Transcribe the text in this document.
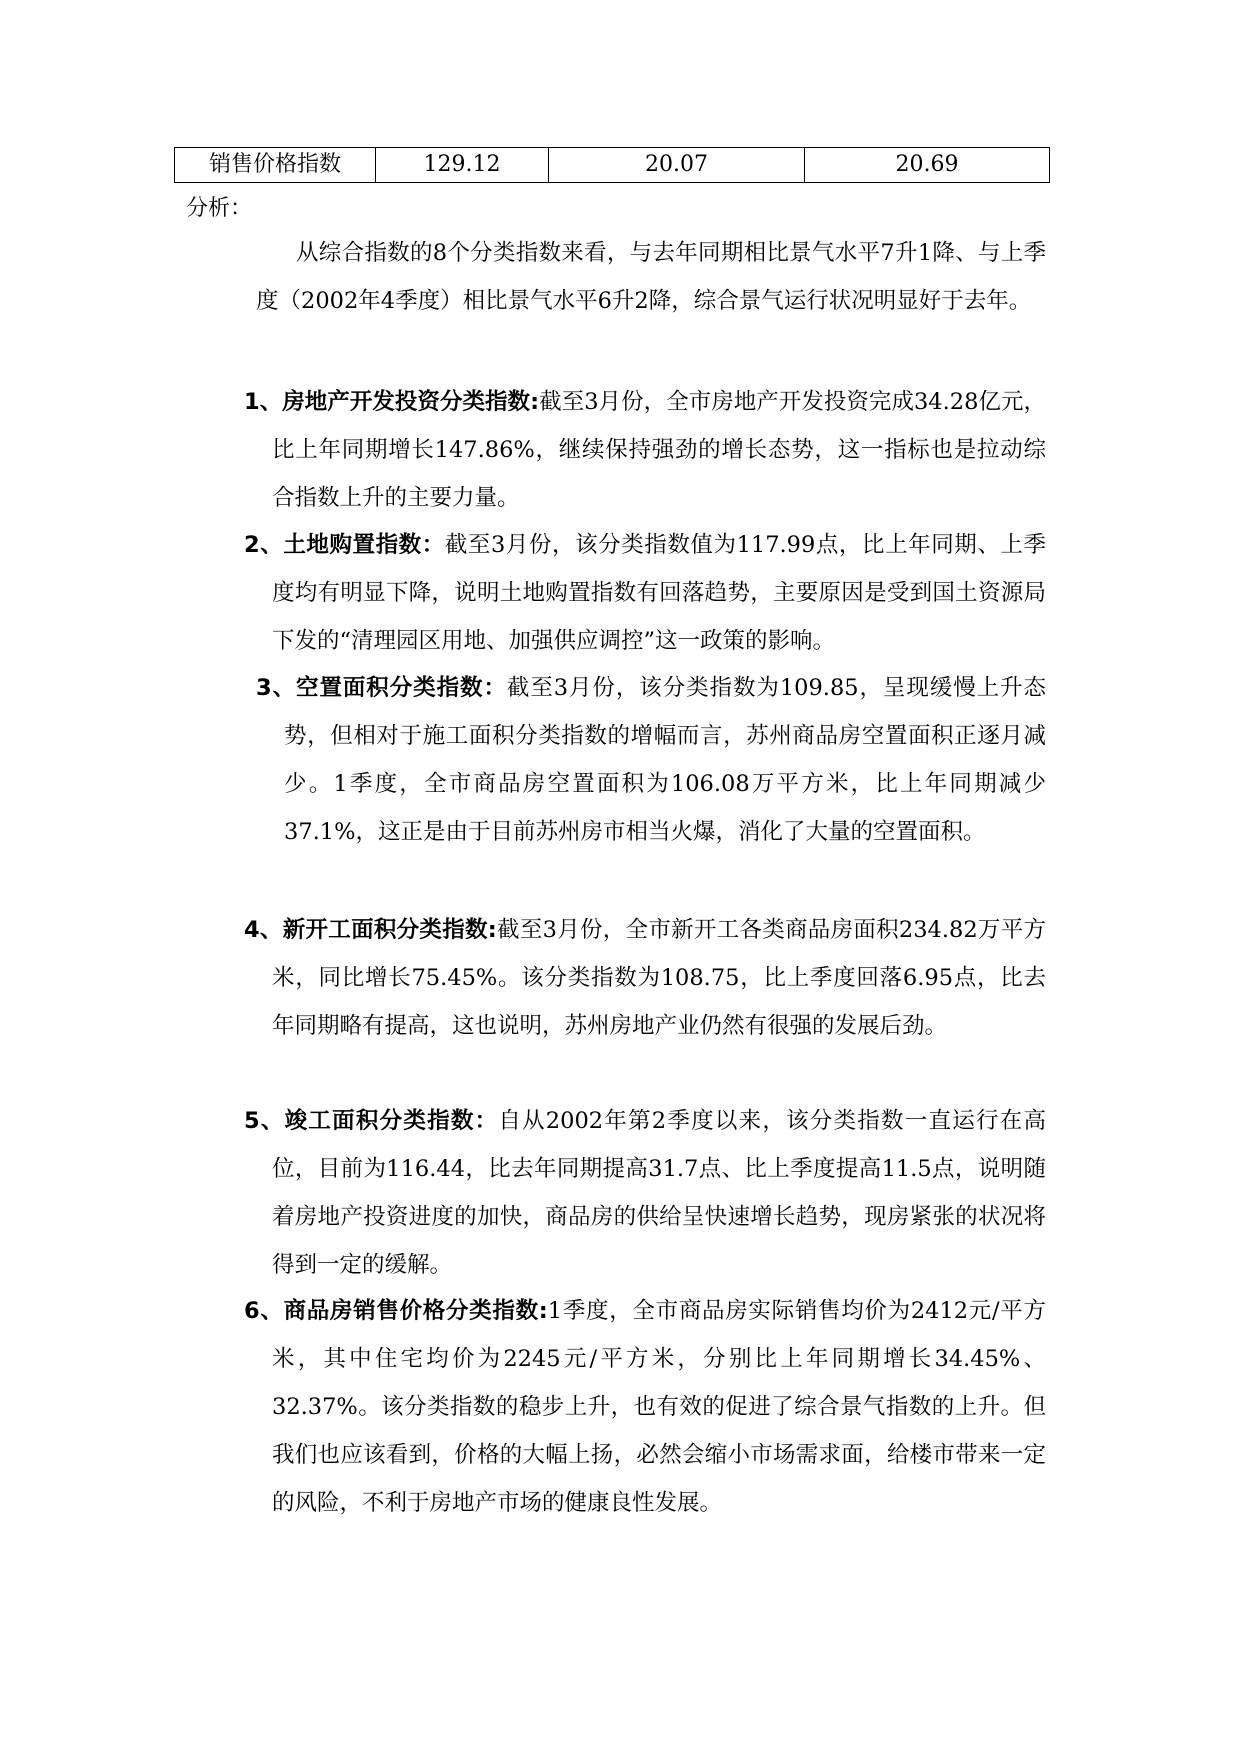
销售价格指数	129.12	20.07	20.69
分析：

从综合指数的8个分类指数来看，与去年同期相比景气水平7升1降、与上季度（2002年4季度）相比景气水平6升2降，综合景气运行状况明显好于去年。

1、房地产开发投资分类指数:截至3月份，全市房地产开发投资完成34.28亿元，比上年同期增长147.86%，继续保持强劲的增长态势，这一指标也是拉动综合指数上升的主要力量。

2、土地购置指数：截至3月份，该分类指数值为117.99点，比上年同期、上季度均有明显下降，说明土地购置指数有回落趋势，主要原因是受到国土资源局下发的“清理园区用地、加强供应调控”这一政策的影响。

3、空置面积分类指数：截至3月份，该分类指数为109.85，呈现缓慢上升态势，但相对于施工面积分类指数的增幅而言，苏州商品房空置面积正逐月减少。1季度，全市商品房空置面积为106.08万平方米，比上年同期减少37.1%，这正是由于目前苏州房市相当火爆，消化了大量的空置面积。

4、新开工面积分类指数:截至3月份，全市新开工各类商品房面积234.82万平方米，同比增长75.45%。该分类指数为108.75，比上季度回落6.95点，比去年同期略有提高，这也说明，苏州房地产业仍然有很强的发展后劲。

5、竣工面积分类指数：自从2002年第2季度以来，该分类指数一直运行在高位，目前为116.44，比去年同期提高31.7点、比上季度提高11.5点，说明随着房地产投资进度的加快，商品房的供给呈快速增长趋势，现房紧张的状况将得到一定的缓解。

6、商品房销售价格分类指数:1季度，全市商品房实际销售均价为2412元/平方米，其中住宅均价为2245元/平方米，分别比上年同期增长34.45%、32.37%。该分类指数的稳步上升，也有效的促进了综合景气指数的上升。但我们也应该看到，价格的大幅上扬，必然会缩小市场需求面，给楼市带来一定的风险，不利于房地产市场的健康良性发展。
